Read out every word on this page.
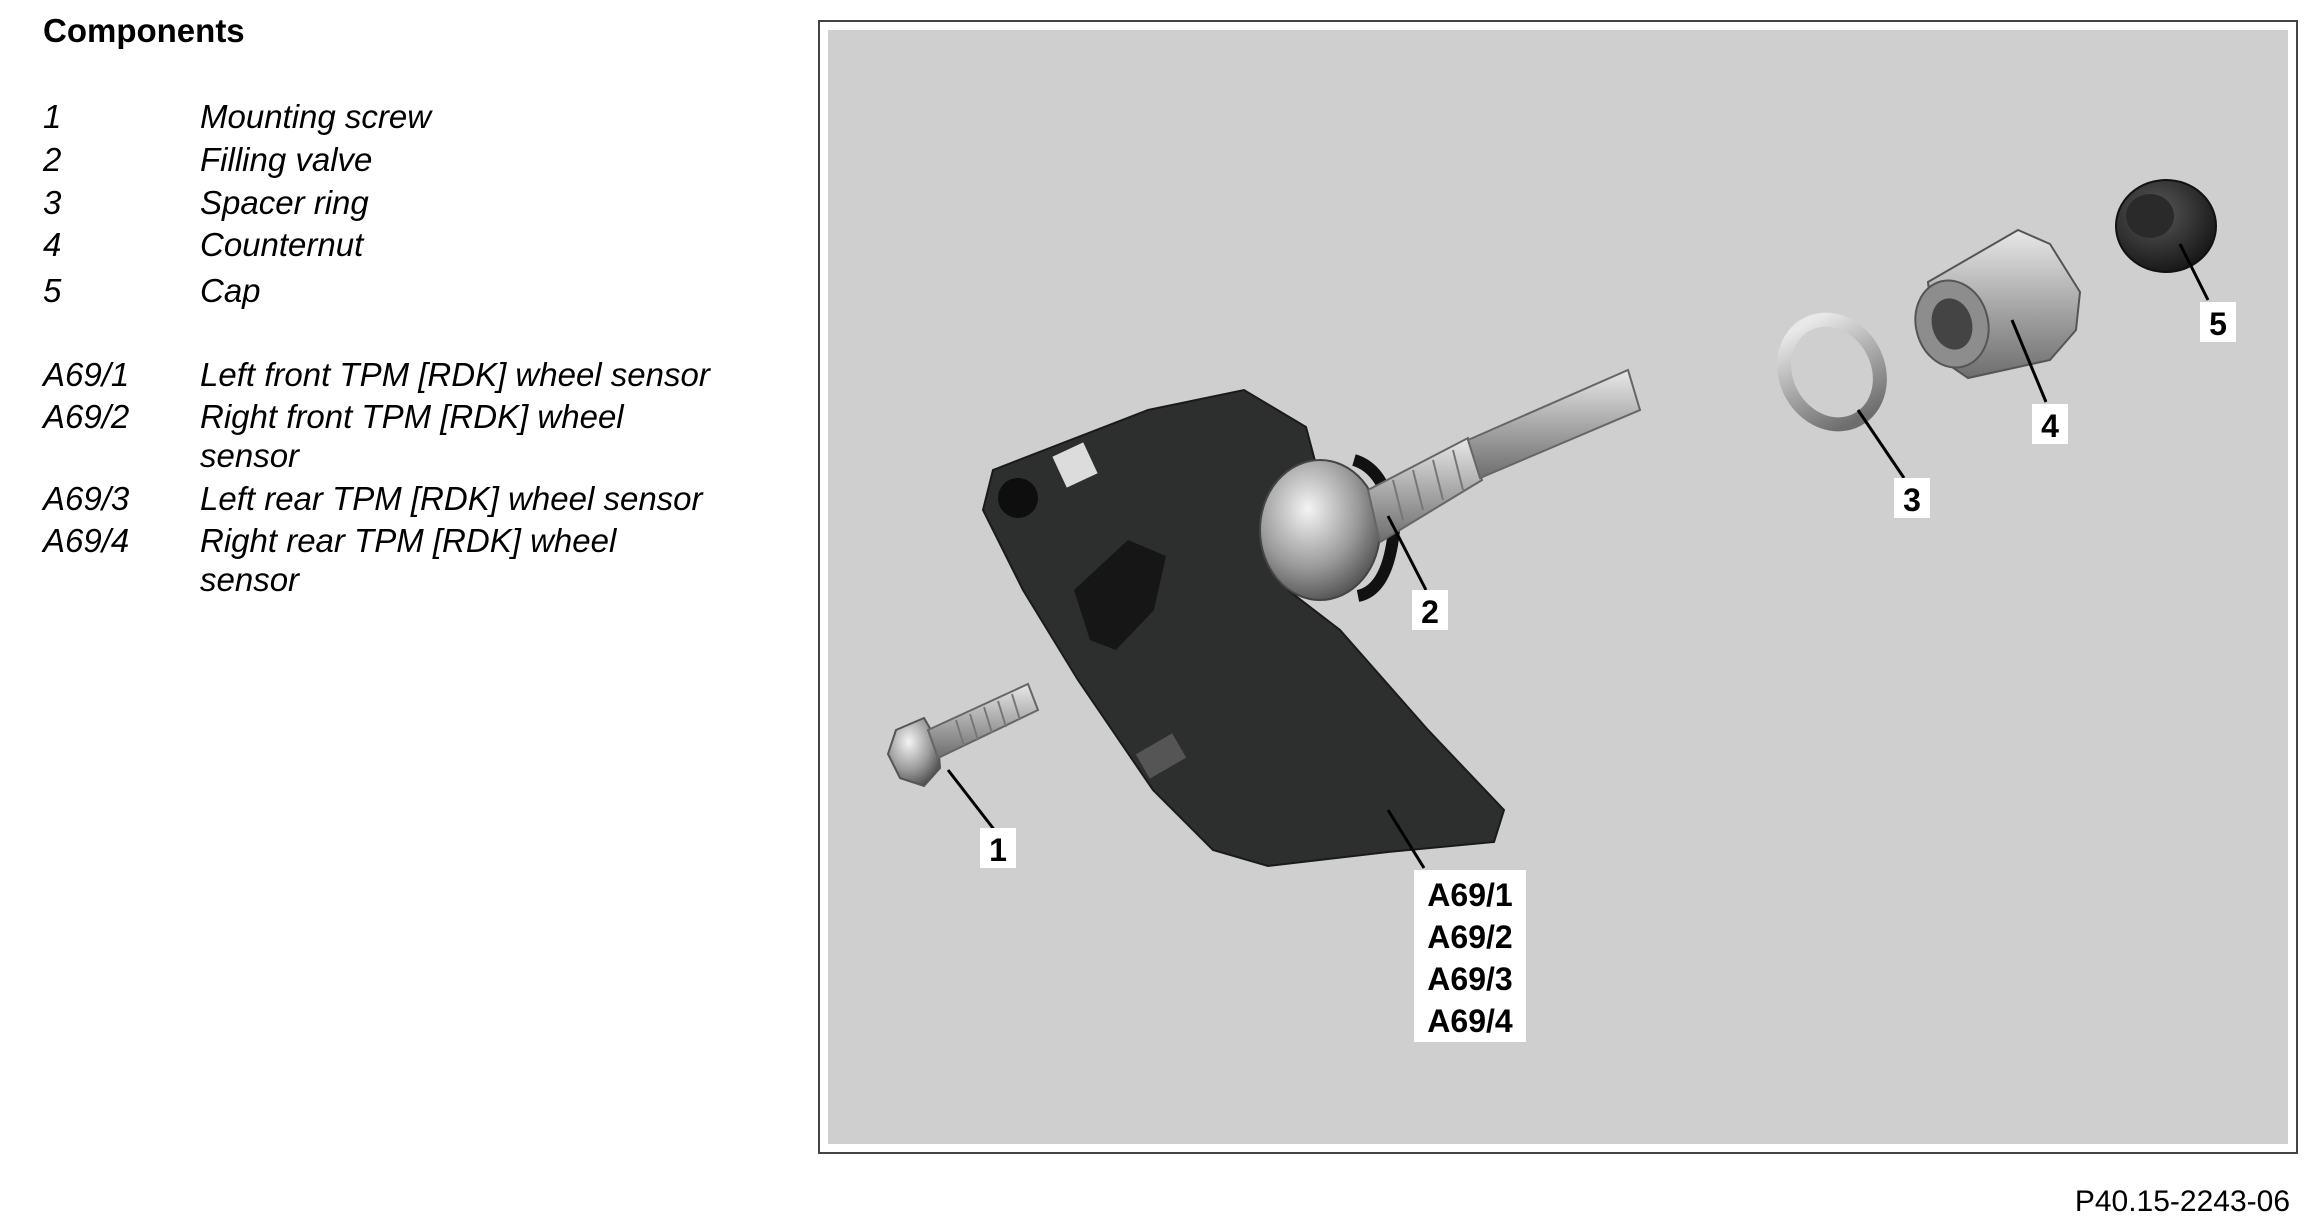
Components
1	Mounting screw
2	Filling valve
3	Spacer ring
4	Counternut
5	Cap
A69/1	Left front TPM [RDK] wheel sensor
A69/2	Right front TPM [RDK] wheel sensor
A69/3	Left rear TPM [RDK] wheel sensor
A69/4	Right rear TPM [RDK] wheel sensor
1
2
3
4
5
A69/1
A69/2
A69/3
A69/4
P40.15-2243-06
